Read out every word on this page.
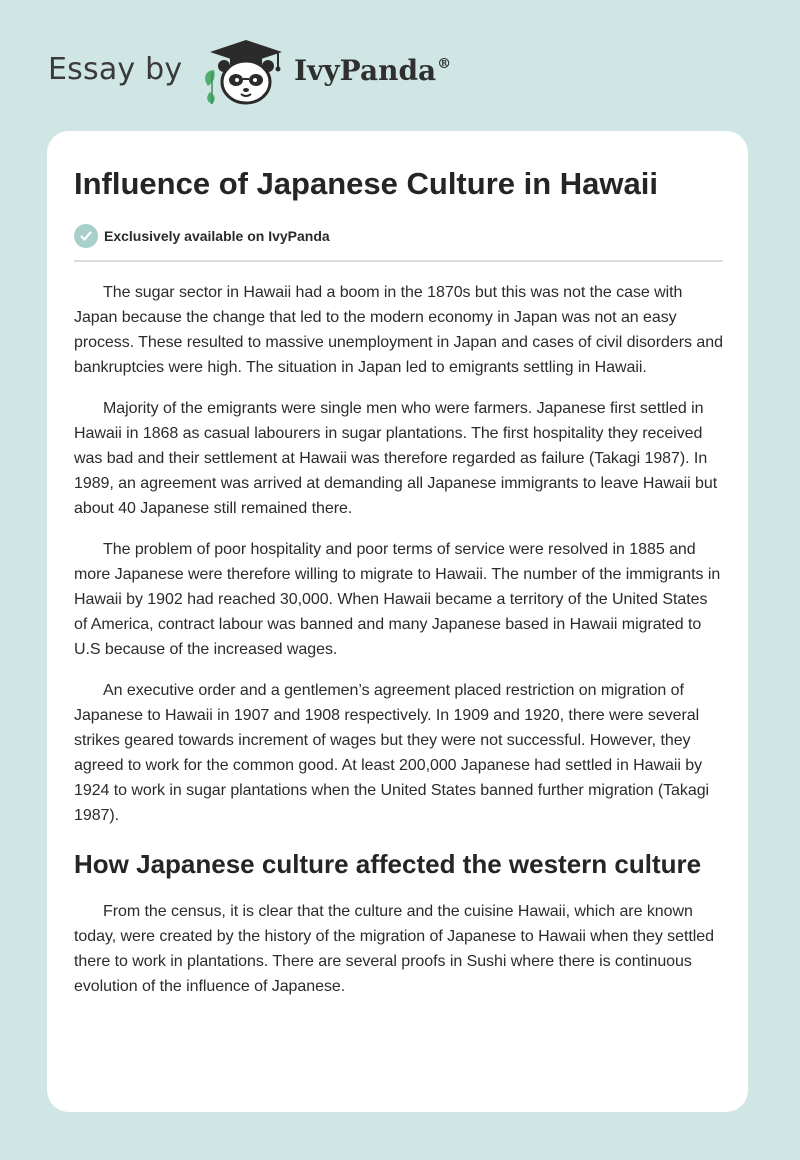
Essay by	IvyPanda®
Influence of Japanese Culture in Hawaii
Exclusively available on IvyPanda

The sugar sector in Hawaii had a boom in the 1870s but this was not the case with Japan because the change that led to the modern economy in Japan was not an easy process. These resulted to massive unemployment in Japan and cases of civil disorders and bankruptcies were high. The situation in Japan led to emigrants settling in Hawaii.

Majority of the emigrants were single men who were farmers. Japanese first settled in Hawaii in 1868 as casual labourers in sugar plantations. The first hospitality they received was bad and their settlement at Hawaii was therefore regarded as failure (Takagi 1987). In 1989, an agreement was arrived at demanding all Japanese immigrants to leave Hawaii but about 40 Japanese still remained there.

The problem of poor hospitality and poor terms of service were resolved in 1885 and more Japanese were therefore willing to migrate to Hawaii. The number of the immigrants in Hawaii by 1902 had reached 30,000. When Hawaii became a territory of the United States of America, contract labour was banned and many Japanese based in Hawaii migrated to U.S because of the increased wages.

An executive order and a gentlemen’s agreement placed restriction on migration of Japanese to Hawaii in 1907 and 1908 respectively. In 1909 and 1920, there were several strikes geared towards increment of wages but they were not successful. However, they agreed to work for the common good. At least 200,000 Japanese had settled in Hawaii by 1924 to work in sugar plantations when the United States banned further migration (Takagi 1987).

How Japanese culture affected the western culture

From the census, it is clear that the culture and the cuisine Hawaii, which are known today, were created by the history of the migration of Japanese to Hawaii when they settled there to work in plantations. There are several proofs in Sushi where there is continuous evolution of the influence of Japanese.
